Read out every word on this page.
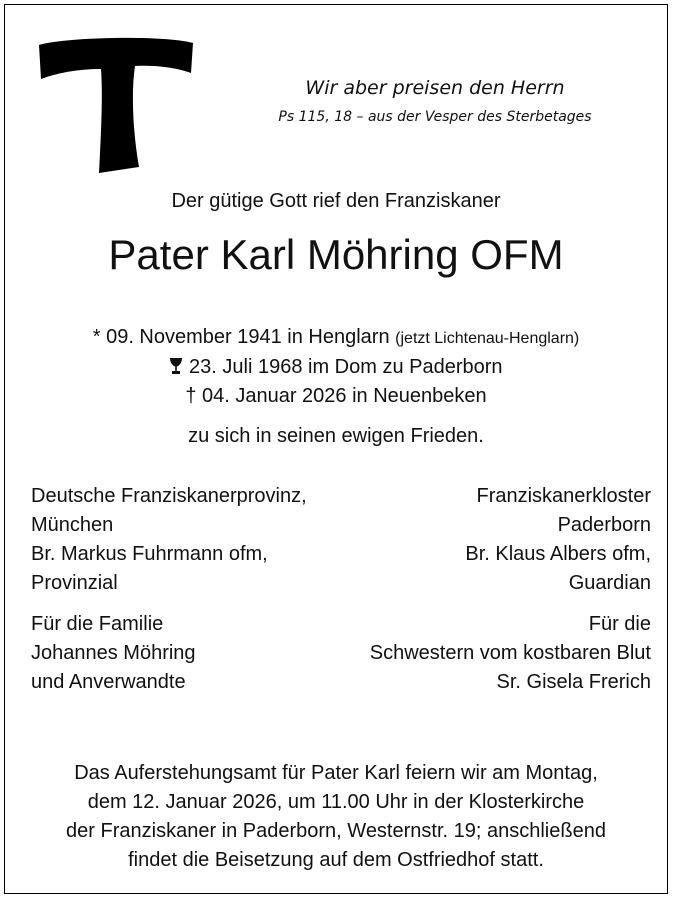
Wir aber preisen den Herrn
Ps 115, 18 – aus der Vesper des Sterbetages
Der gütige Gott rief den Franziskaner
Pater Karl Möhring OFM
* 09. November 1941 in Henglarn (jetzt Lichtenau-Henglarn)
23. Juli 1968 im Dom zu Paderborn
† 04. Januar 2026 in Neuenbeken
zu sich in seinen ewigen Frieden.
Deutsche Franziskanerprovinz,
München
Br. Markus Fuhrmann ofm,
Provinzial
Franziskanerkloster
Paderborn
Br. Klaus Albers ofm,
Guardian
Für die Familie
Johannes Möhring
und Anverwandte
Für die
Schwestern vom kostbaren Blut
Sr. Gisela Frerich
Das Auferstehungsamt für Pater Karl feiern wir am Montag,
dem 12. Januar 2026, um 11.00 Uhr in der Klosterkirche
der Franziskaner in Paderborn, Westernstr. 19; anschließend
findet die Beisetzung auf dem Ostfriedhof statt.
